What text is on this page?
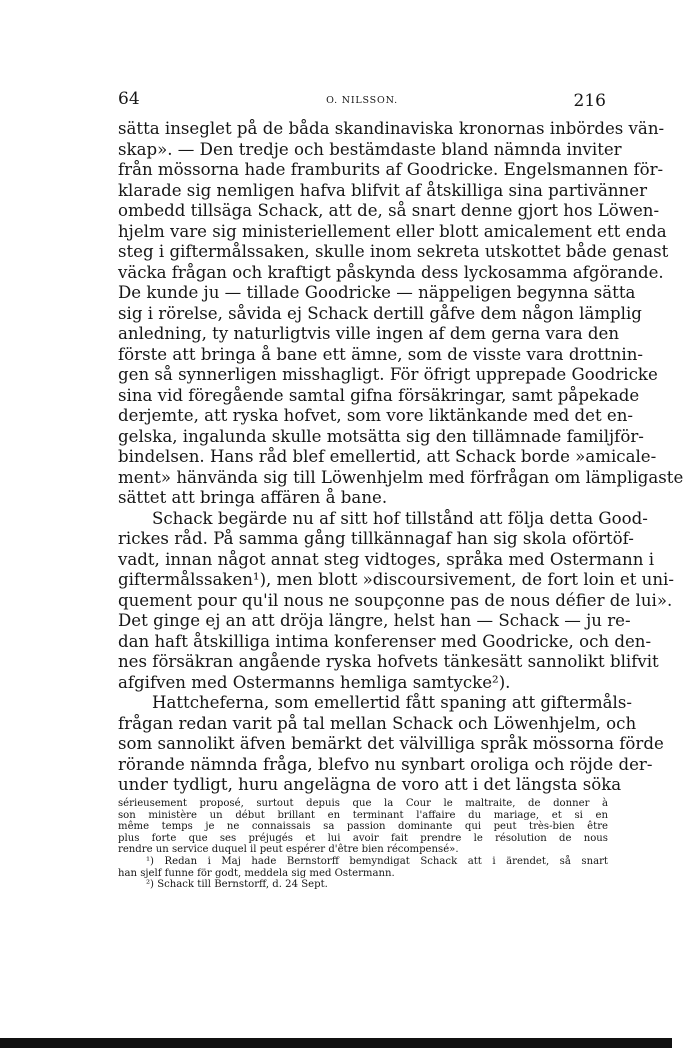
64	O. NILSSON.	216
sätta inseglet på de båda skandinaviska kronornas inbördes vän-
skap». — Den tredje och bestämdaste bland nämnda inviter
från mössorna hade framburits af Goodricke. Engelsmannen för-
klarade sig nemligen hafva blifvit af åtskilliga sina partivänner
ombedd tillsäga Schack, att de, så snart denne gjort hos Löwen-
hjelm vare sig ministeriellement eller blott amicalement ett enda
steg i giftermålssaken, skulle inom sekreta utskottet både genast
väcka frågan och kraftigt påskynda dess lyckosamma afgörande.
De kunde ju — tillade Goodricke — näppeligen begynna sätta
sig i rörelse, såvida ej Schack dertill gåfve dem någon lämplig
anledning, ty naturligtvis ville ingen af dem gerna vara den
förste att bringa å bane ett ämne, som de visste vara drottnin-
gen så synnerligen misshagligt. För öfrigt upprepade Goodricke
sina vid föregående samtal gifna försäkringar, samt påpekade
derjemte, att ryska hofvet, som vore liktänkande med det en-
gelska, ingalunda skulle motsätta sig den tillämnade familjför-
bindelsen. Hans råd blef emellertid, att Schack borde »amicale-
ment» hänvända sig till Löwenhjelm med förfrågan om lämpligaste
sättet att bringa affären å bane.
Schack begärde nu af sitt hof tillstånd att följa detta Good-
rickes råd. På samma gång tillkännagaf han sig skola oförtöf-
vadt, innan något annat steg vidtoges, språka med Ostermann i
giftermålssaken¹), men blott »discoursivement, de fort loin et uni-
quement pour qu'il nous ne soupçonne pas de nous défier de lui».
Det ginge ej an att dröja längre, helst han — Schack — ju re-
dan haft åtskilliga intima konferenser med Goodricke, och den-
nes försäkran angående ryska hofvets tänkesätt sannolikt blifvit
afgifven med Ostermanns hemliga samtycke²).
Hattcheferna, som emellertid fått spaning att giftermåls-
frågan redan varit på tal mellan Schack och Löwenhjelm, och
som sannolikt äfven bemärkt det välvilliga språk mössorna förde
rörande nämnda fråga, blefvo nu synbart oroliga och röjde der-
under tydligt, huru angelägna de voro att i det längsta söka
sérieusement proposé, surtout depuis que la Cour le maltraite, de donner à
son ministère un début brillant en terminant l'affaire du mariage, et si en
même temps je ne connaissais sa passion dominante qui peut très-bien être
plus forte que ses préjugés et lui avoir fait prendre le résolution de nous
rendre un service duquel il peut espérer d'être bien récompensé».
¹) Redan i Maj hade Bernstorff bemyndigat Schack att i ärendet, så snart
han sjelf funne för godt, meddela sig med Ostermann.
²) Schack till Bernstorff, d. 24 Sept.
